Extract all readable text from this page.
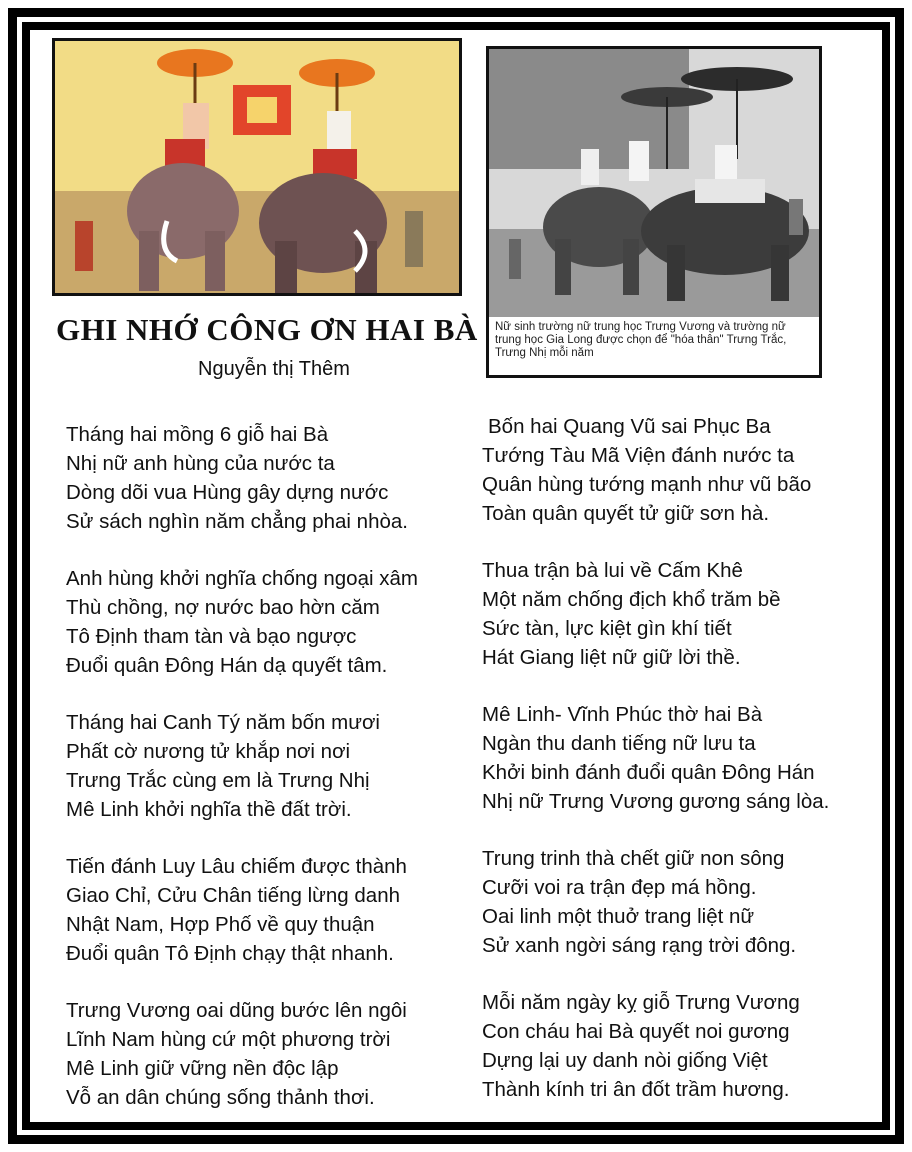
Nữ sinh trường nữ trung học Trưng Vương và trường nữ trung học Gia Long được chọn để "hóa thân" Trưng Trắc, Trưng Nhị mỗi năm
GHI NHỚ CÔNG ƠN HAI BÀ
Nguyễn thị Thêm
Tháng hai mồng 6 giỗ hai Bà
Nhị nữ anh hùng của nước ta
Dòng dõi vua Hùng gây dựng nước
Sử sách nghìn năm chẳng phai nhòa.
Anh hùng khởi nghĩa chống ngoại xâm
Thù chồng, nợ nước bao hờn căm
Tô Định tham tàn và bạo ngược
Đuổi quân Đông Hán dạ quyết tâm.
Tháng hai Canh Tý năm bốn mươi
Phất cờ nương tử khắp nơi nơi
Trưng Trắc cùng em là Trưng Nhị
Mê Linh khởi nghĩa thề đất trời.
Tiến đánh Luy Lâu chiếm được thành
Giao Chỉ, Cửu Chân tiếng lừng danh
Nhật Nam, Hợp Phố về quy thuận
Đuổi quân Tô Định chạy thật nhanh.
Trưng Vương oai dũng bước lên ngôi
Lĩnh Nam hùng cứ một phương trời
Mê Linh giữ vững nền độc lập
Vỗ an dân chúng sống thảnh thơi.
Bốn hai Quang Vũ sai Phục Ba
Tướng Tàu Mã Viện đánh nước ta
Quân hùng tướng mạnh như vũ bão
Toàn quân quyết tử giữ sơn hà.
Thua trận bà lui về Cấm Khê
Một năm chống địch khổ trăm bề
Sức tàn, lực kiệt gìn khí tiết
Hát Giang liệt nữ giữ lời thề.
Mê Linh- Vĩnh Phúc thờ hai Bà
Ngàn thu danh tiếng nữ lưu ta
Khởi binh đánh đuổi quân Đông Hán
Nhị nữ Trưng Vương gương sáng lòa.
Trung trinh thà chết giữ non sông
Cưỡi voi ra trận đẹp má hồng.
Oai linh một thuở trang liệt nữ
Sử xanh ngời sáng rạng trời đông.
Mỗi năm ngày kỵ giỗ Trưng Vương
Con cháu hai Bà quyết noi gương
Dựng lại uy danh nòi giống Việt
Thành kính tri ân đốt trầm hương.
